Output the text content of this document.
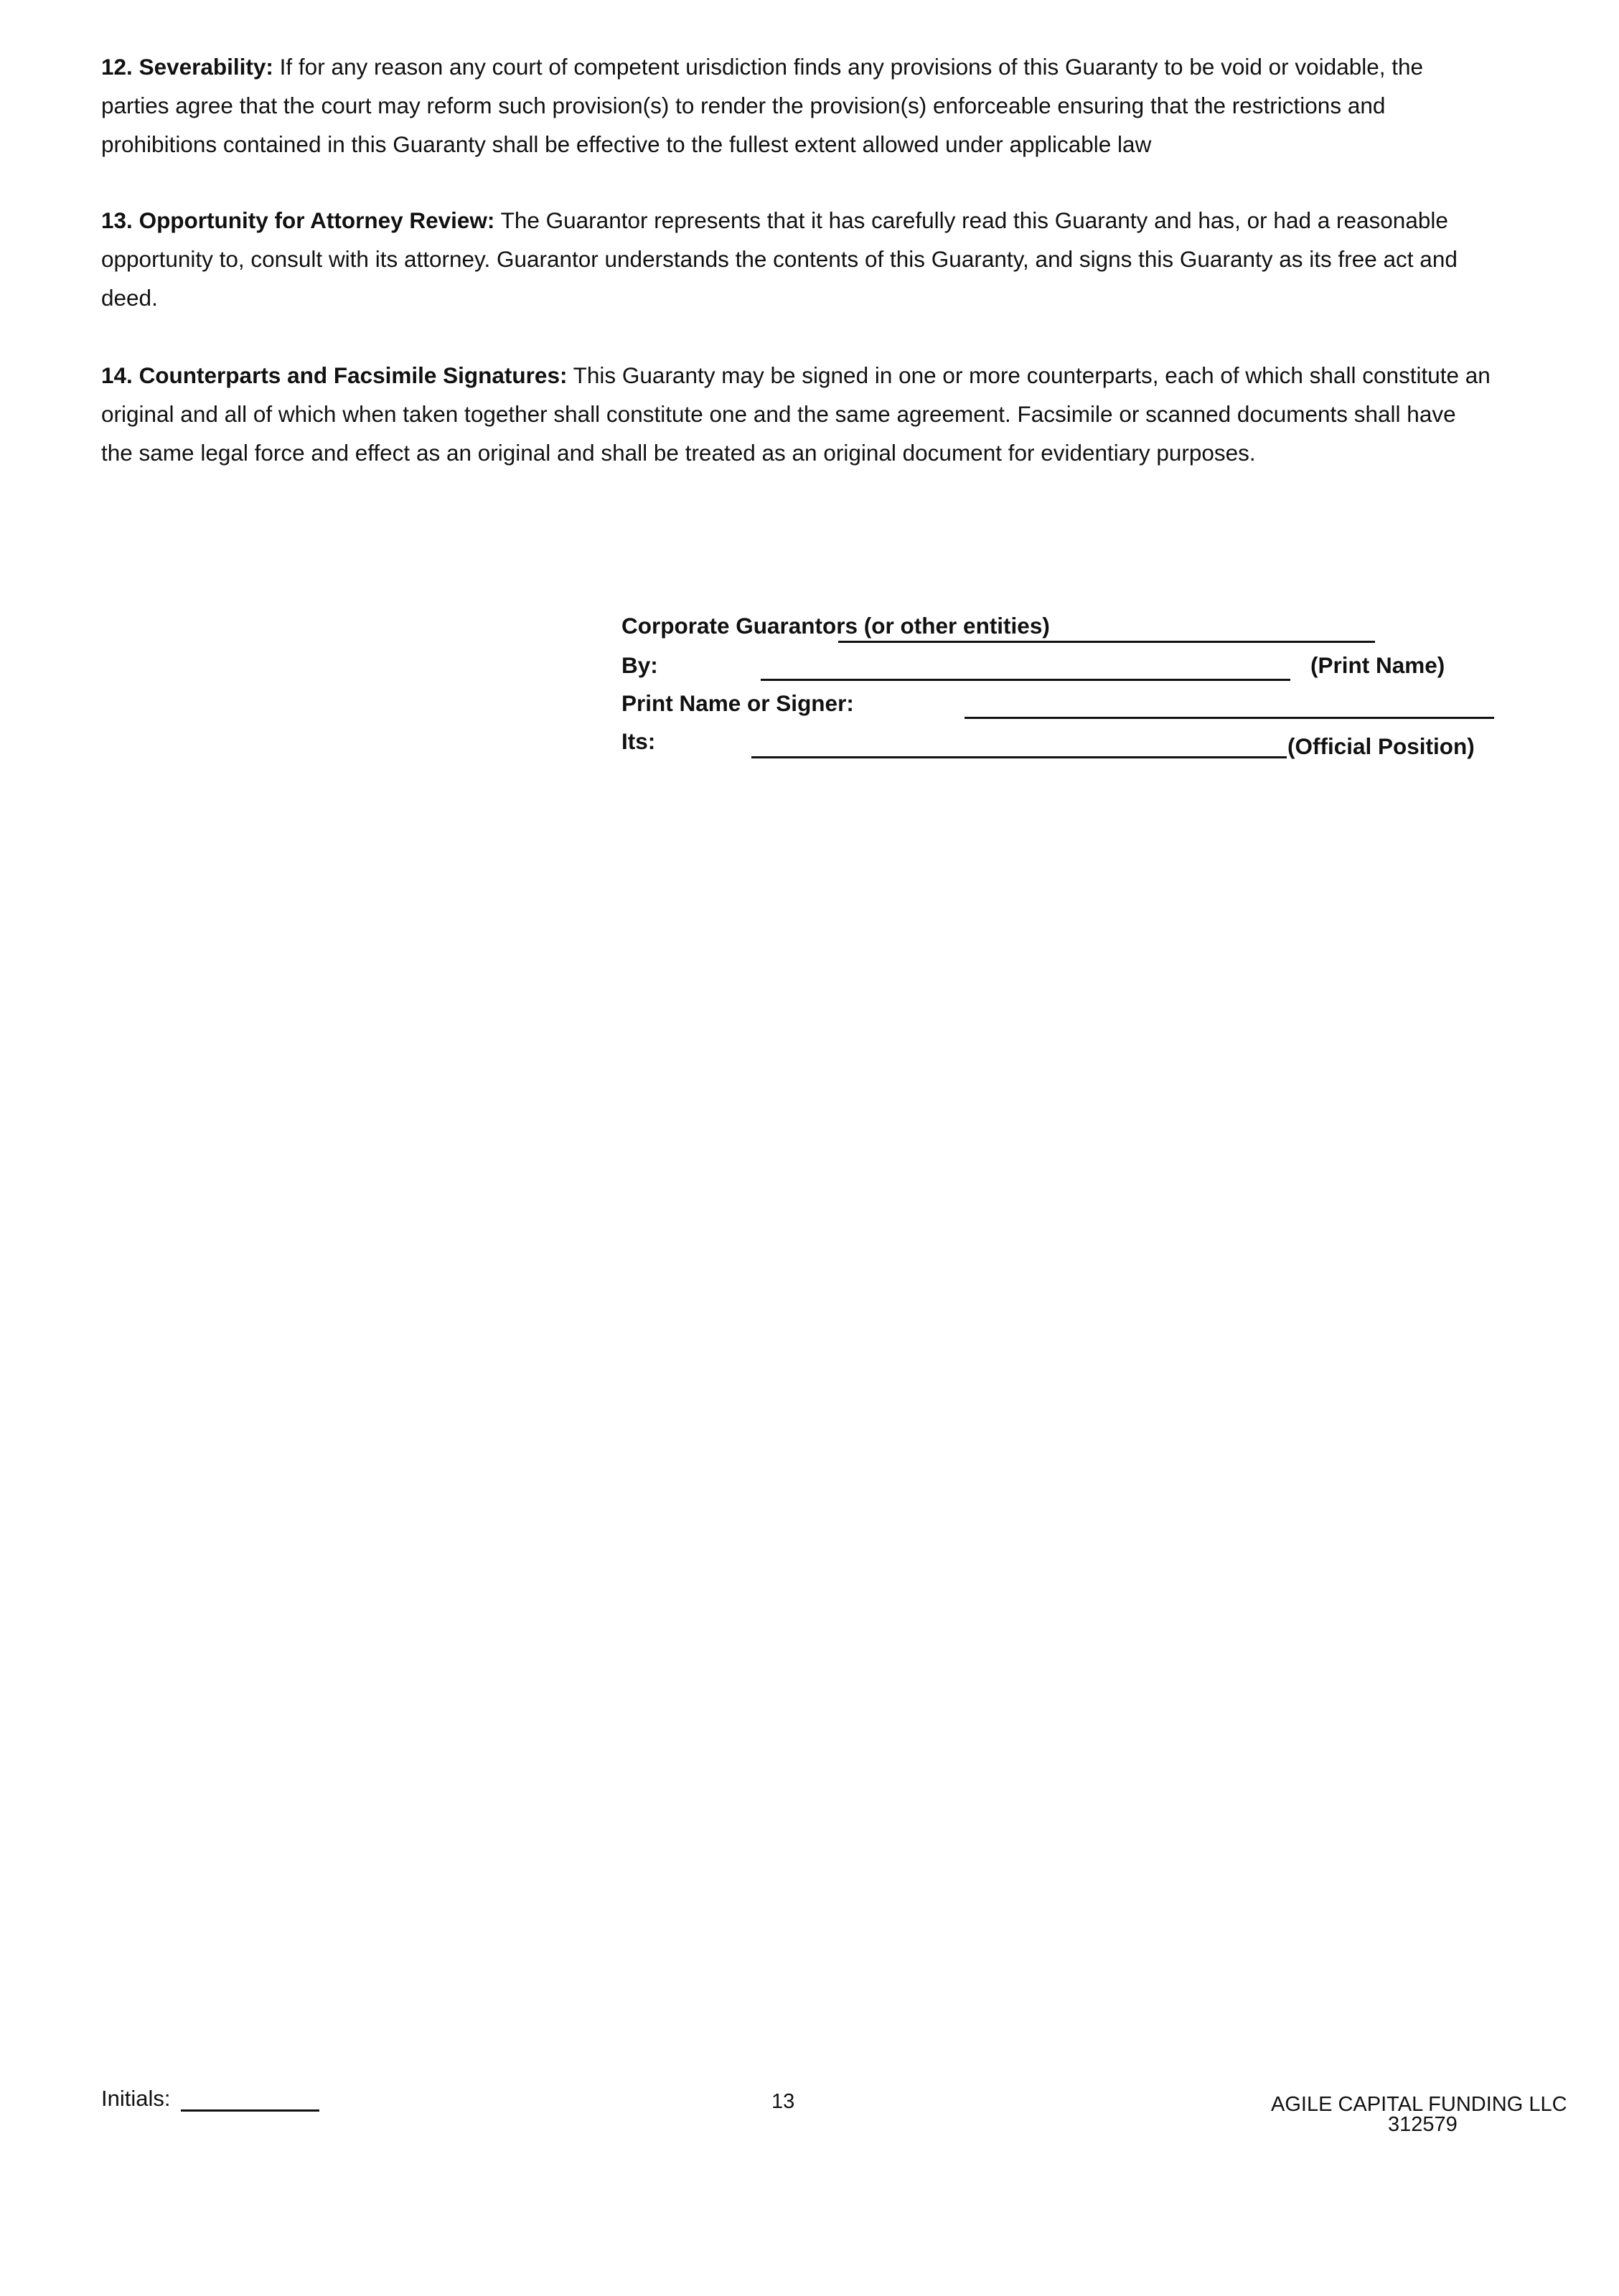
12. Severability: If for any reason any court of competent urisdiction finds any provisions of this Guaranty to be void or voidable, the parties agree that the court may reform such provision(s) to render the provision(s) enforceable ensuring that the restrictions and prohibitions contained in this Guaranty shall be effective to the fullest extent allowed under applicable law

13. Opportunity for Attorney Review: The Guarantor represents that it has carefully read this Guaranty and has, or had a reasonable opportunity to, consult with its attorney. Guarantor understands the contents of this Guaranty, and signs this Guaranty as its free act and deed.

14. Counterparts and Facsimile Signatures: This Guaranty may be signed in one or more counterparts, each of which shall constitute an original and all of which when taken together shall constitute one and the same agreement. Facsimile or scanned documents shall have the same legal force and effect as an original and shall be treated as an original document for evidentiary purposes.

Corporate Guarantors (or other entities)
By:	(Print Name)
Print Name or Signer:
Its:	(Official Position)
Initials:	13	AGILE CAPITAL FUNDING LLC
312579
